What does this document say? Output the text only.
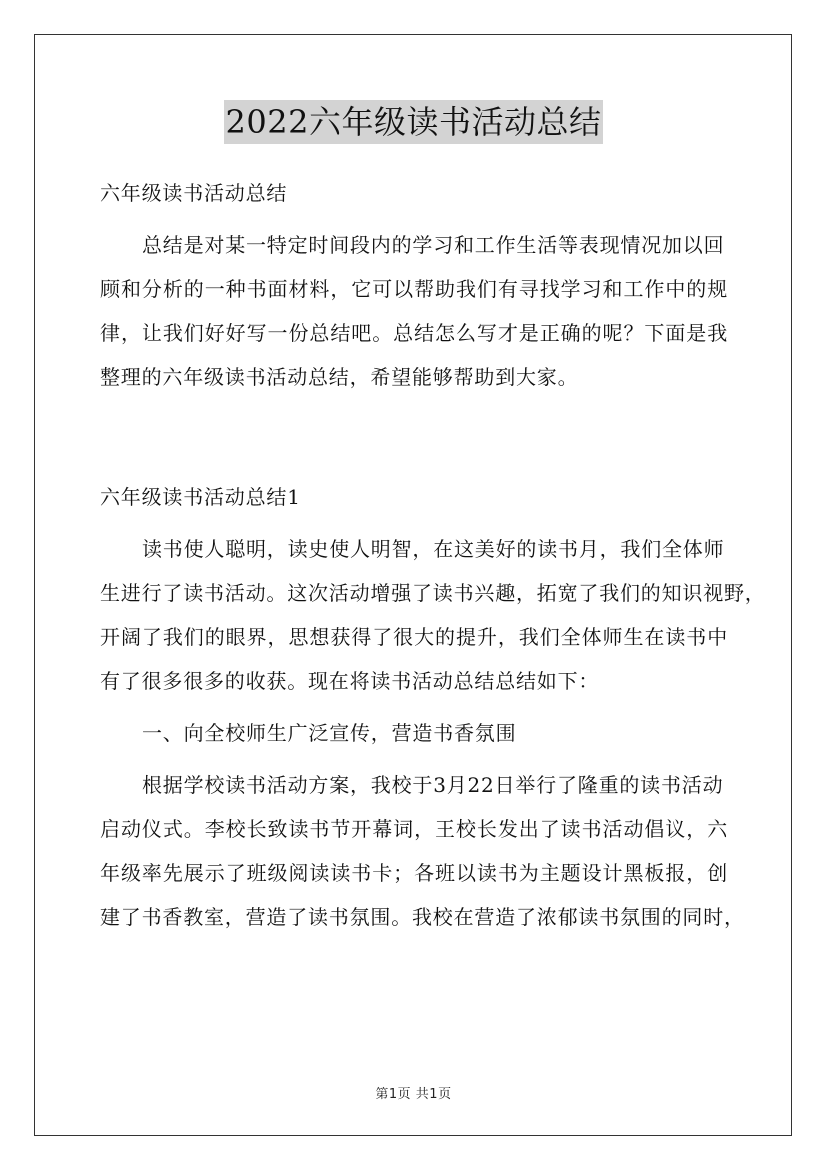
2022六年级读书活动总结
六年级读书活动总结
总结是对某一特定时间段内的学习和工作生活等表现情况加以回
顾和分析的一种书面材料，它可以帮助我们有寻找学习和工作中的规
律，让我们好好写一份总结吧。总结怎么写才是正确的呢？下面是我
整理的六年级读书活动总结，希望能够帮助到大家。
六年级读书活动总结1
读书使人聪明，读史使人明智，在这美好的读书月，我们全体师
生进行了读书活动。这次活动增强了读书兴趣，拓宽了我们的知识视野，
开阔了我们的眼界，思想获得了很大的提升，我们全体师生在读书中
有了很多很多的收获。现在将读书活动总结总结如下：
一、向全校师生广泛宣传，营造书香氛围
根据学校读书活动方案，我校于3月22日举行了隆重的读书活动
启动仪式。李校长致读书节开幕词，王校长发出了读书活动倡议，六
年级率先展示了班级阅读读书卡；各班以读书为主题设计黑板报，创
建了书香教室，营造了读书氛围。我校在营造了浓郁读书氛围的同时，
第1页 共1页
